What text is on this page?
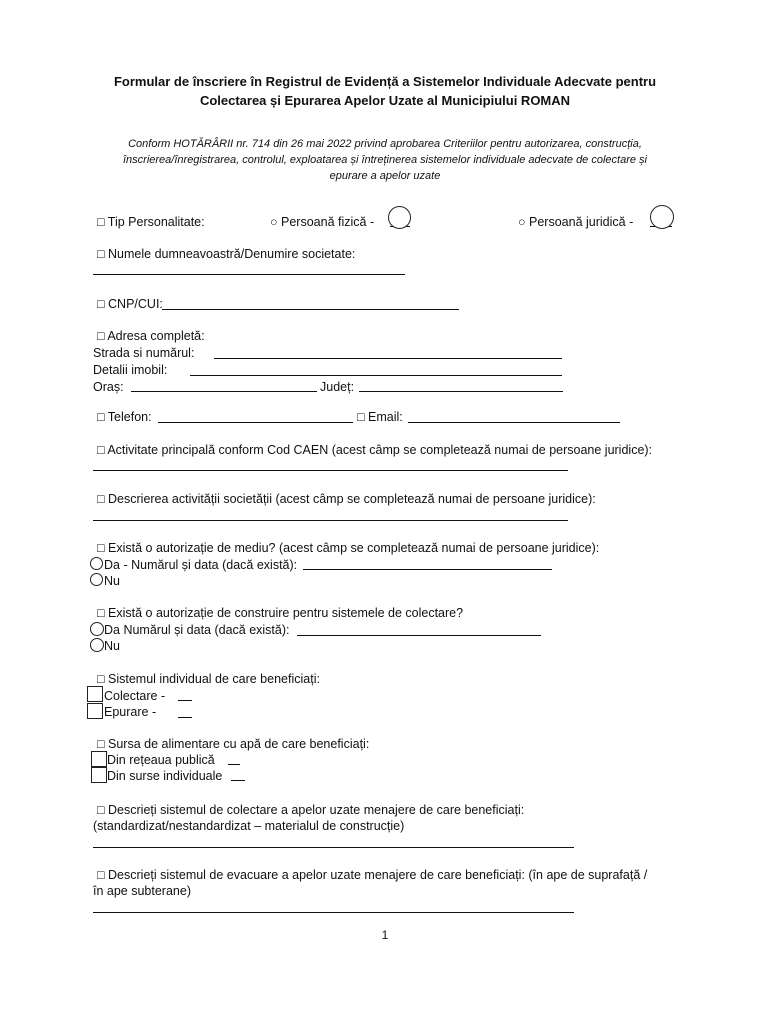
Formular de înscriere în Registrul de Evidență a Sistemelor Individuale Adecvate pentru
Colectarea și Epurarea Apelor Uzate al Municipiului ROMAN
Conform HOTĂRÂRII nr. 714 din 26 mai 2022 privind aprobarea Criteriilor pentru autorizarea, construcția,
înscrierea/înregistrarea, controlul, exploatarea și întreținerea sistemelor individuale adecvate de colectare și
epurare a apelor uzate
□ Tip Personalitate:	○ Persoană fizică -	○ Persoană juridică -
□ Numele dumneavoastră/Denumire societate:
□ CNP/CUI:
□ Adresa completă:
Strada si numărul:
Detalii imobil:
Oraș:	Județ:
□ Telefon:	□ Email:
□ Activitate principală conform Cod CAEN (acest câmp se completează numai de persoane juridice):
□ Descrierea activității societății (acest câmp se completează numai de persoane juridice):
□ Există o autorizație de mediu? (acest câmp se completează numai de persoane juridice):
Da - Numărul și data (dacă există):
Nu
□ Există o autorizație de construire pentru sistemele de colectare?
Da Numărul și data (dacă există):
Nu
□ Sistemul individual de care beneficiați:
Colectare -
Epurare -
□ Sursa de alimentare cu apă de care beneficiați:
Din rețeaua publică
Din surse individuale
□ Descrieți sistemul de colectare a apelor uzate menajere de care beneficiați:
(standardizat/nestandardizat – materialul de construcție)
□ Descrieți sistemul de evacuare a apelor uzate menajere de care beneficiați: (în ape de suprafață /
în ape subterane)
1
